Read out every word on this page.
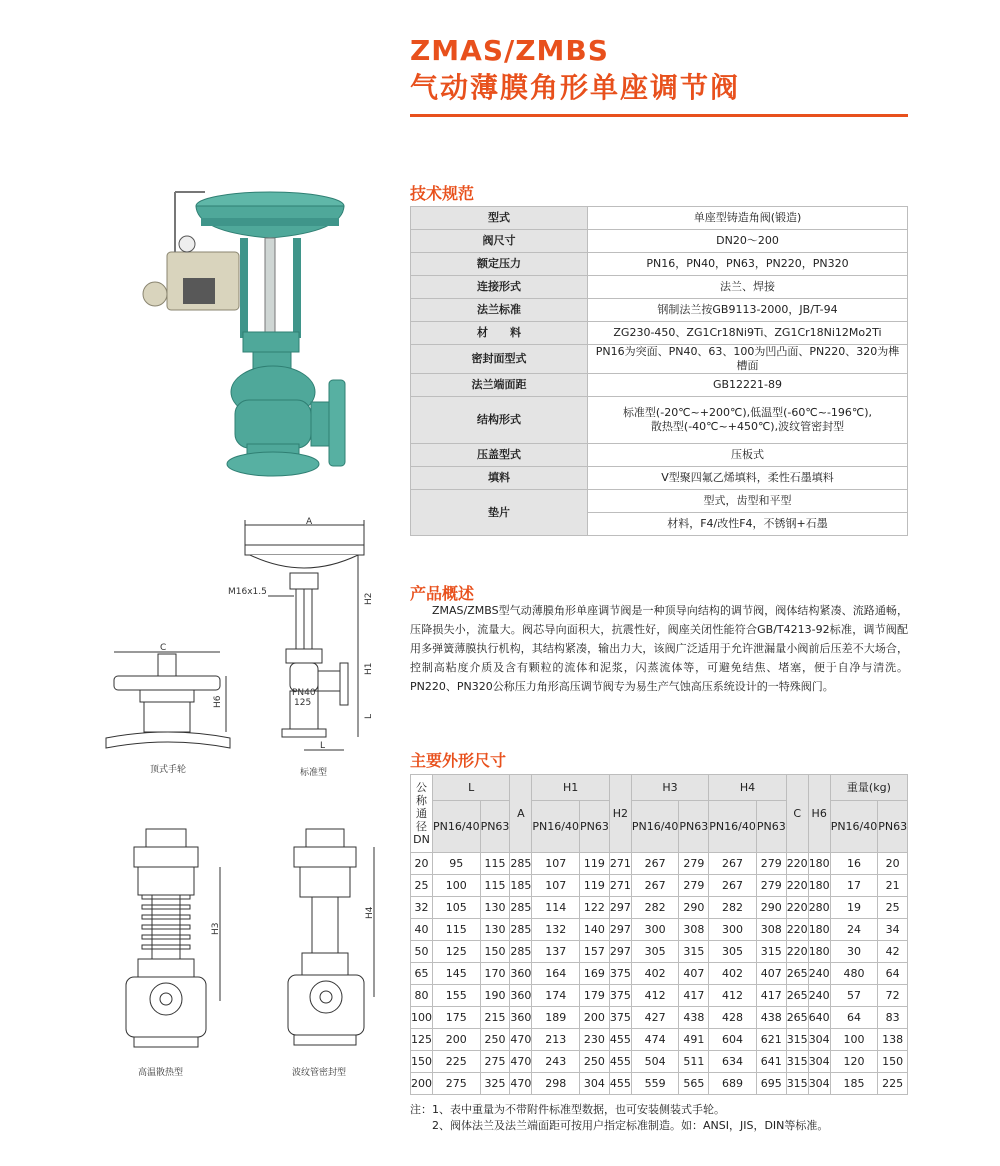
ZMAS/ZMBS
气动薄膜角形单座调节阀
技术规范
型式	单座型铸造角阀(锻造)
阀尺寸	DN20～200
额定压力	PN16，PN40，PN63，PN220，PN320
连接形式	法兰、焊接
法兰标准	钢制法兰按GB9113-2000，JB/T-94
材　　料	ZG230-450、ZG1Cr18Ni9Ti、ZG1Cr18Ni12Mo2Ti
密封面型式	PN16为突面、PN40、63、100为凹凸面、PN220、320为榫槽面
法兰端面距	GB12221-89
结构形式	标准型(-20℃~+200℃),低温型(-60℃~-196℃),
散热型(-40℃~+450℃),波纹管密封型

压盖型式	压板式
填料	V型聚四氟乙烯填料，柔性石墨填料
垫片	型式，齿型和平型
	材料，F4/改性F4，不锈钢+石墨
产品概述
ZMAS/ZMBS型气动薄膜角形单座调节阀是一种顶导向结构的调节阀，阀体结构紧凑、流路通畅，压降损失小，流量大。阀芯导向面积大，抗震性好，阀座关闭性能符合GB/T4213-92标准，调节阀配用多弹簧薄膜执行机构，其结构紧凑，输出力大，该阀广泛适用于允许泄漏量小阀前后压差不大场合，控制高粘度介质及含有颗粒的流体和泥浆，闪蒸流体等，可避免结焦、堵塞，便于自净与清洗。PN220、PN320公称压力角形高压调节阀专为易生产气蚀高压系统设计的一特殊阀门。
A
PN40
125
M16x1.5
H2
H1
L
L
标准型
C
H6
顶式手轮
H3
高温散热型
H4
波纹管密封型
主要外形尺寸
公称通径DN	L		A	H1		H2	H3		H4		C	H6	重量(kg)	
	PN16/40	PN63		PN16/40	PN63		PN16/40	PN63	PN16/40	PN63			PN16/40	PN63

20	95	115	285	107	119	271	267	279	267	279	220	180	16	20
25	100	115	185	107	119	271	267	279	267	279	220	180	17	21
32	105	130	285	114	122	297	282	290	282	290	220	280	19	25
40	115	130	285	132	140	297	300	308	300	308	220	180	24	34
50	125	150	285	137	157	297	305	315	305	315	220	180	30	42
65	145	170	360	164	169	375	402	407	402	407	265	240	480	64
80	155	190	360	174	179	375	412	417	412	417	265	240	57	72
100	175	215	360	189	200	375	427	438	428	438	265	640	64	83
125	200	250	470	213	230	455	474	491	604	621	315	304	100	138
150	225	275	470	243	250	455	504	511	634	641	315	304	120	150
200	275	325	470	298	304	455	559	565	689	695	315	304	185	225
注：1、表中重量为不带附件标准型数据，也可安装侧装式手轮。
2、阀体法兰及法兰端面距可按用户指定标准制造。如：ANSI，JIS，DIN等标准。
